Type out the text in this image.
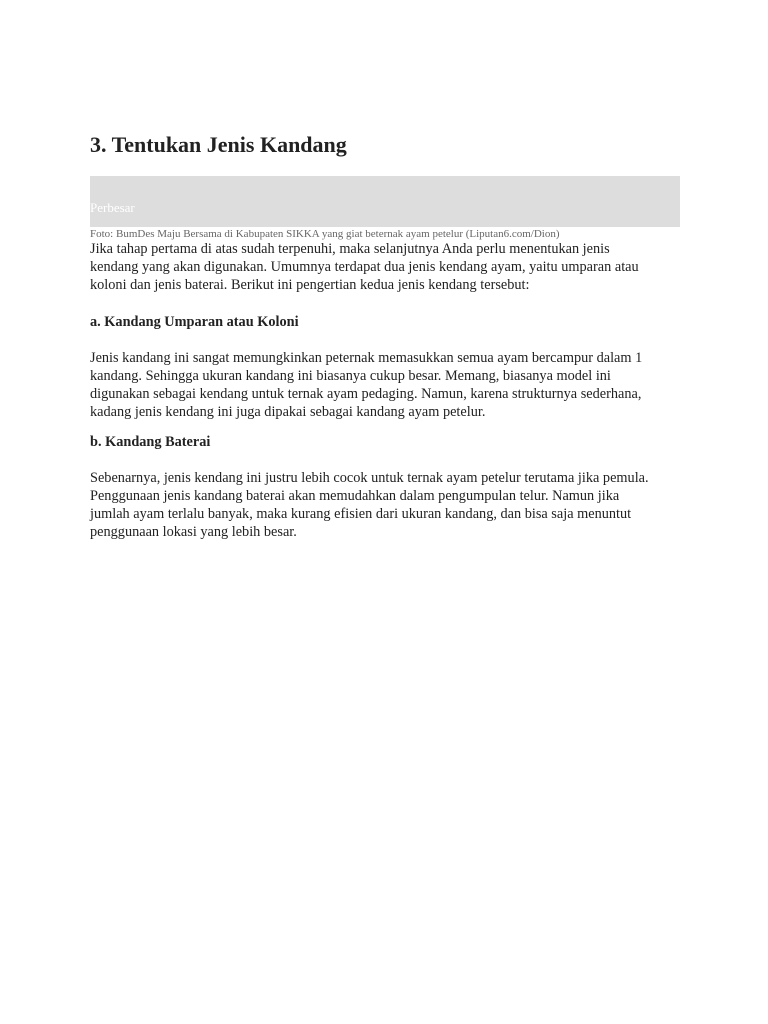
3. Tentukan Jenis Kandang
Perbesar
Foto: BumDes Maju Bersama di Kabupaten SIKKA yang giat beternak ayam petelur (Liputan6.com/Dion)

Jika tahap pertama di atas sudah terpenuhi, maka selanjutnya Anda perlu menentukan jenis kendang yang akan digunakan. Umumnya terdapat dua jenis kendang ayam, yaitu umparan atau koloni dan jenis baterai. Berikut ini pengertian kedua jenis kendang tersebut:

a. Kandang Umparan atau Koloni

Jenis kandang ini sangat memungkinkan peternak memasukkan semua ayam bercampur dalam 1 kandang. Sehingga ukuran kandang ini biasanya cukup besar. Memang, biasanya model ini digunakan sebagai kendang untuk ternak ayam pedaging. Namun, karena strukturnya sederhana, kadang jenis kendang ini juga dipakai sebagai kandang ayam petelur.

b. Kandang Baterai

Sebenarnya, jenis kendang ini justru lebih cocok untuk ternak ayam petelur terutama jika pemula. Penggunaan jenis kandang baterai akan memudahkan dalam pengumpulan telur. Namun jika jumlah ayam terlalu banyak, maka kurang efisien dari ukuran kandang, dan bisa saja menuntut penggunaan lokasi yang lebih besar.
